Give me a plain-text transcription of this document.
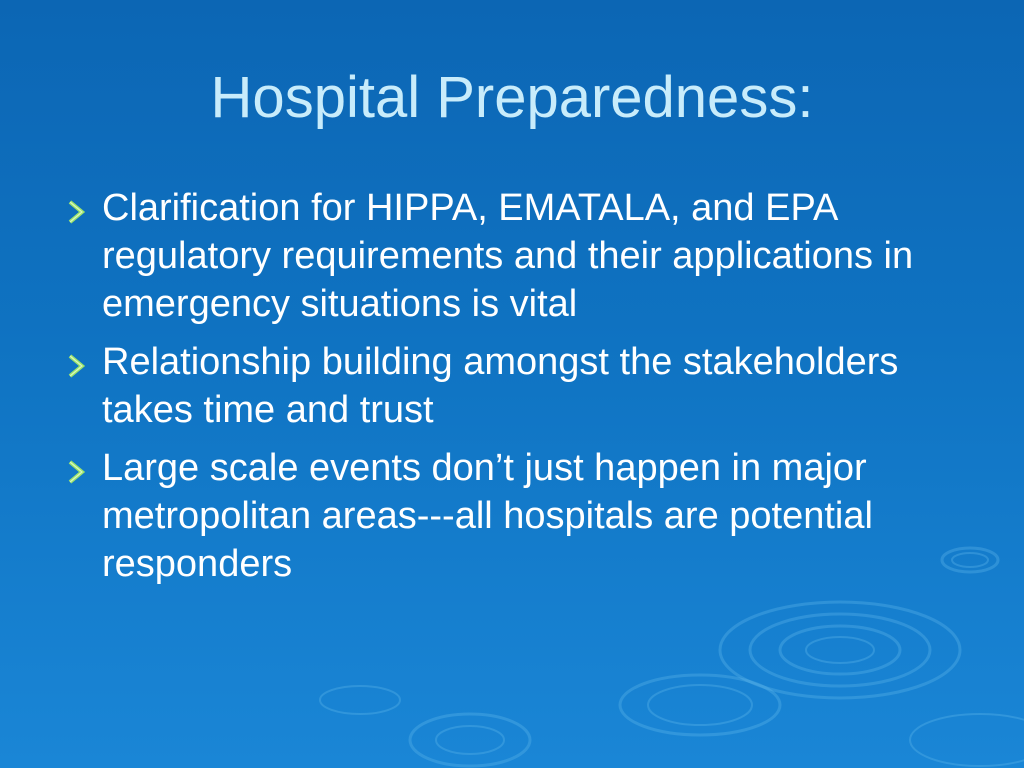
Hospital Preparedness:
Clarification for HIPPA, EMATALA, and EPA regulatory requirements and their applications in emergency situations is vital
Relationship building amongst the stakeholders takes time and trust
Large scale events don’t just happen in major metropolitan areas---all hospitals are potential responders
